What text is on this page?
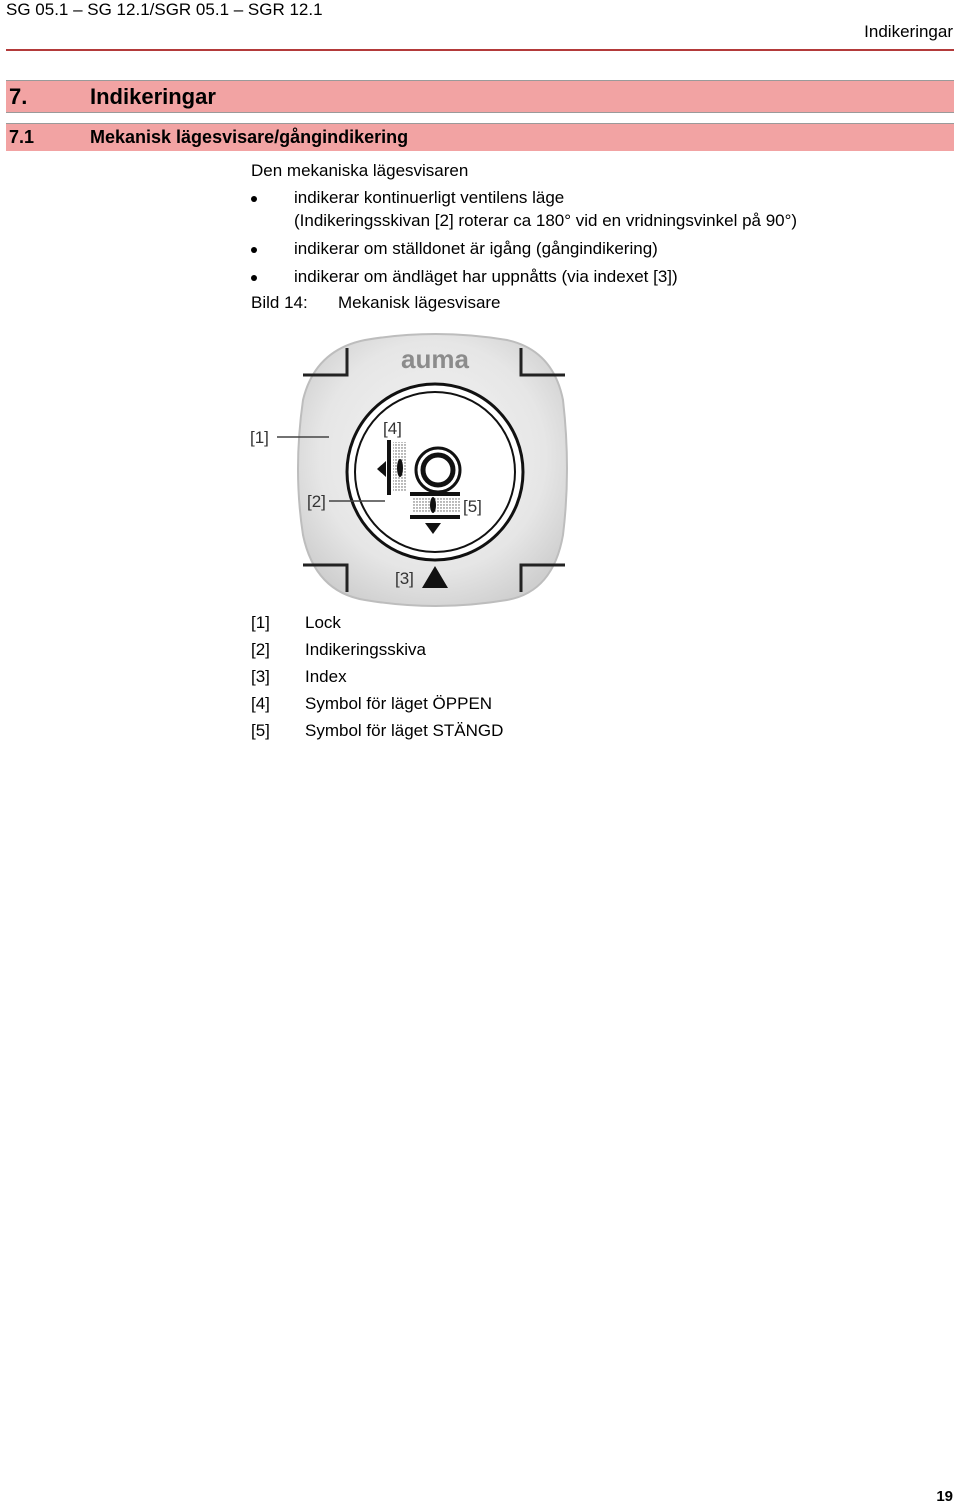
SG 05.1 – SG 12.1/SGR 05.1 – SGR 12.1
Indikeringar
7.	Indikeringar
7.1	Mekanisk lägesvisare/gångindikering
Den mekaniska lägesvisaren
indikerar kontinuerligt ventilens läge
(Indikeringsskivan [2] roterar ca 180° vid en vridningsvinkel på 90°)
indikerar om ställdonet är igång (gångindikering)
indikerar om ändläget har uppnåtts (via indexet [3])
Bild 14: Mekanisk lägesvisare
auma
[1]
[2]
[3]
[4]
[5]
[1] Lock
[2] Indikeringsskiva
[3] Index
[4] Symbol för läget ÖPPEN
[5] Symbol för läget STÄNGD
19
